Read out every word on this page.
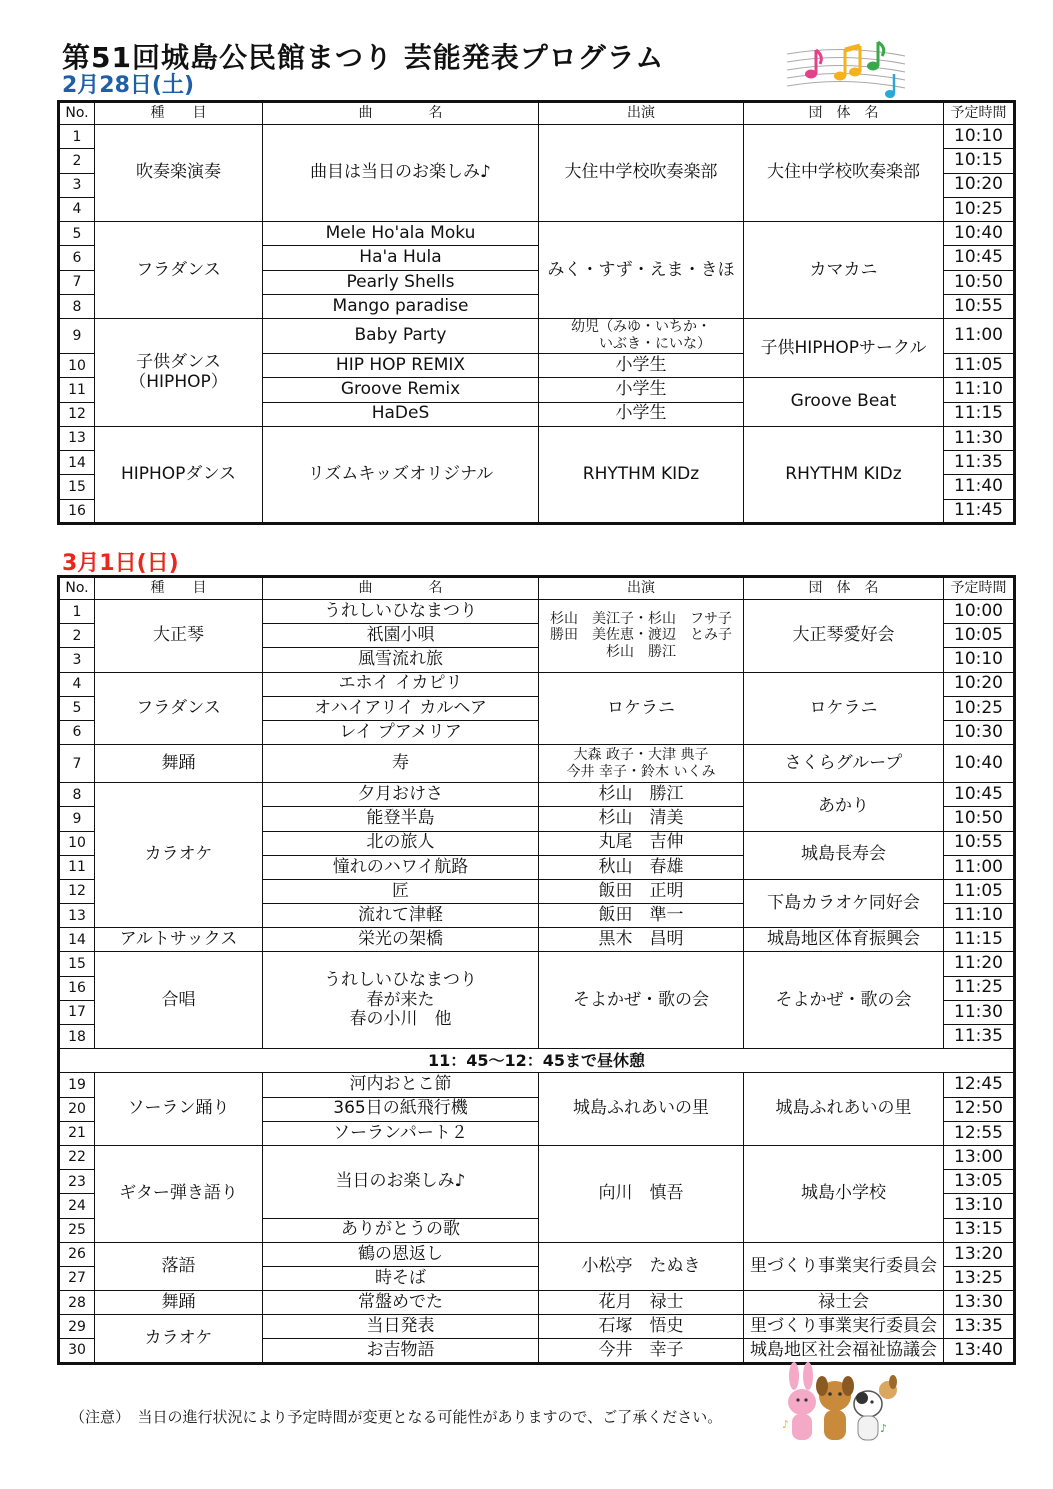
第51回城島公民館まつり 芸能発表プログラム
2月28日(土)
No.	種　　目	曲　　　　名	出演	団　体　名	予定時間
1	吹奏楽演奏	曲目は当日のお楽しみ♪	大住中学校吹奏楽部	大住中学校吹奏楽部	10:10
2					10:15
3					10:20
4					10:25
5	フラダンス	Mele Ho'ala Moku	みく・すず・えま・きほ	カマカニ	10:40
6		Ha'a Hula			10:45
7		Pearly Shells			10:50
8		Mango paradise			10:55
9	子供ダンス
（HIPHOP）	Baby Party	幼児（みゆ・いちか・
　　いぶき・にいな）	子供HIPHOPサークル	11:00
10		HIP HOP REMIX	小学生		11:05
11		Groove Remix	小学生	Groove Beat	11:10
12		HaDeS	小学生		11:15
13	HIPHOPダンス	リズムキッズオリジナル	RHYTHM KIDz	RHYTHM KIDz	11:30
14					11:35
15					11:40
16					11:45
3月1日(日)
No.	種　　目	曲　　　　名	出演	団　体　名	予定時間
1	大正琴	うれしいひなまつり	杉山　美江子・杉山　フサ子
勝田　美佐恵・渡辺　とみ子
杉山　勝江	大正琴愛好会	10:00
2		祇園小唄			10:05
3		風雪流れ旅			10:10
4	フラダンス	エホイ イカピリ	ロケラニ	ロケラニ	10:20
5		オハイアリイ カルヘア			10:25
6		レイ プアメリア			10:30
7	舞踊	寿	大森 政子・大津 典子
今井 幸子・鈴木 いくみ	さくらグループ	10:40
8	カラオケ	夕月おけさ	杉山　勝江	あかり	10:45
9		能登半島	杉山　清美		10:50
10		北の旅人	丸尾　吉伸	城島長寿会	10:55
11		憧れのハワイ航路	秋山　春雄		11:00
12		匠	飯田　正明	下島カラオケ同好会	11:05
13		流れて津軽	飯田　準一		11:10
14	アルトサックス	栄光の架橋	黒木　昌明	城島地区体育振興会	11:15
15	合唱	うれしいひなまつり
春が来た
春の小川　他	そよかぜ・歌の会	そよかぜ・歌の会	11:20
16					11:25
17					11:30
18					11:35
11：45～12：45まで昼休憩					
19	ソーラン踊り	河内おとこ節	城島ふれあいの里	城島ふれあいの里	12:45
20		365日の紙飛行機			12:50
21		ソーランパート２			12:55
22	ギター弾き語り	当日のお楽しみ♪	向川　慎吾	城島小学校	13:00
23					13:05
24					13:10
25		ありがとうの歌			13:15
26	落語	鶴の恩返し	小松亭　たぬき	里づくり事業実行委員会	13:20
27		時そば			13:25
28	舞踊	常盤めでた	花月　禄士	禄士会	13:30
29	カラオケ	当日発表	石塚　悟史	里づくり事業実行委員会	13:35
30		お吉物語	今井　幸子	城島地区社会福祉協議会	13:40
（注意）　当日の進行状況により予定時間が変更となる可能性がありますので、ご了承ください。	♪	♪
